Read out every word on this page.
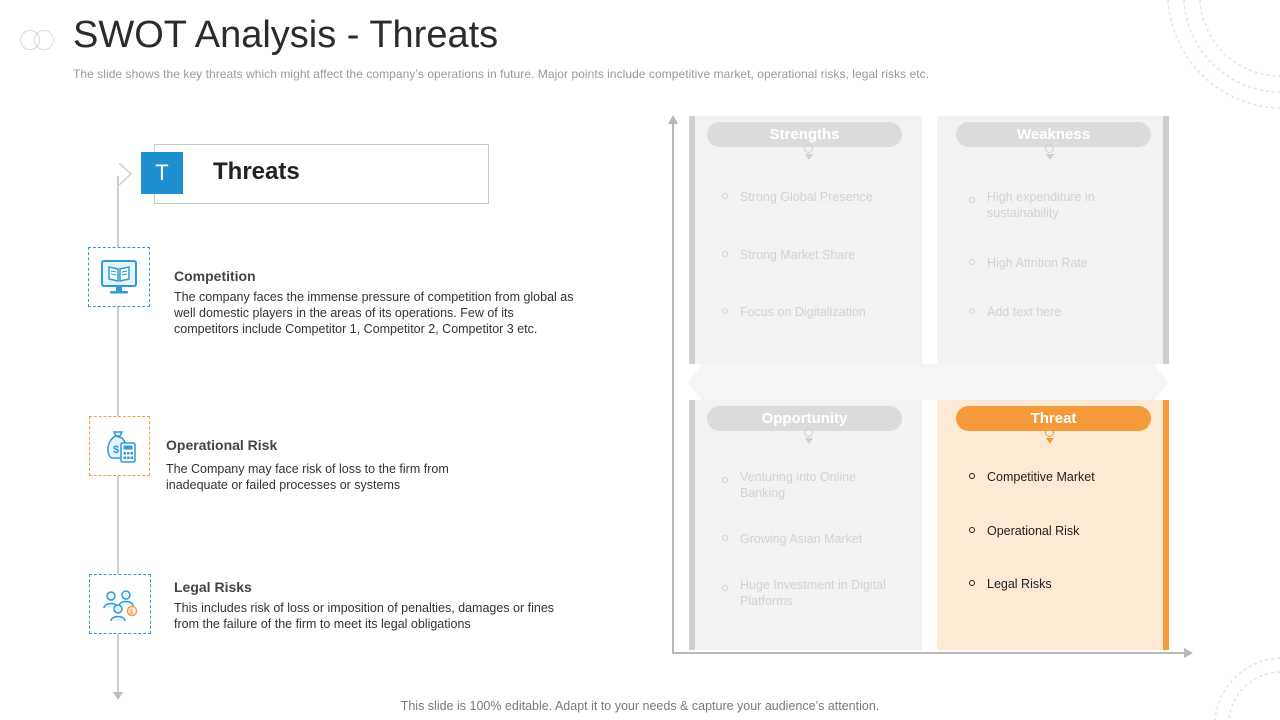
SWOT Analysis - Threats
The slide shows the key threats which might affect the company’s operations in future. Major points include competitive market, operational risks, legal risks etc.
T	Threats
Competition
The company faces the immense pressure of competition from global as well domestic players in the areas of its operations. Few of its competitors include Competitor 1, Competitor 2, Competitor 3 etc.
$	Operational Risk
The Company may face risk of loss to the firm from inadequate or failed processes or systems
$
Legal Risks
This includes risk of loss or imposition of penalties, damages or fines from the failure of the firm to meet its legal obligations
Strengths
Strong Global Presence
Strong Market Share
Focus on Digitalization
Weakness
High expenditure in sustainability
High Attrition Rate
Add text here
Opportunity
Venturing into Online Banking
Growing Asian Market
Huge Investment in Digital Platforms
Threat
Competitive Market
Operational Risk
Legal Risks
This slide is 100% editable. Adapt it to your needs & capture your audience’s attention.
